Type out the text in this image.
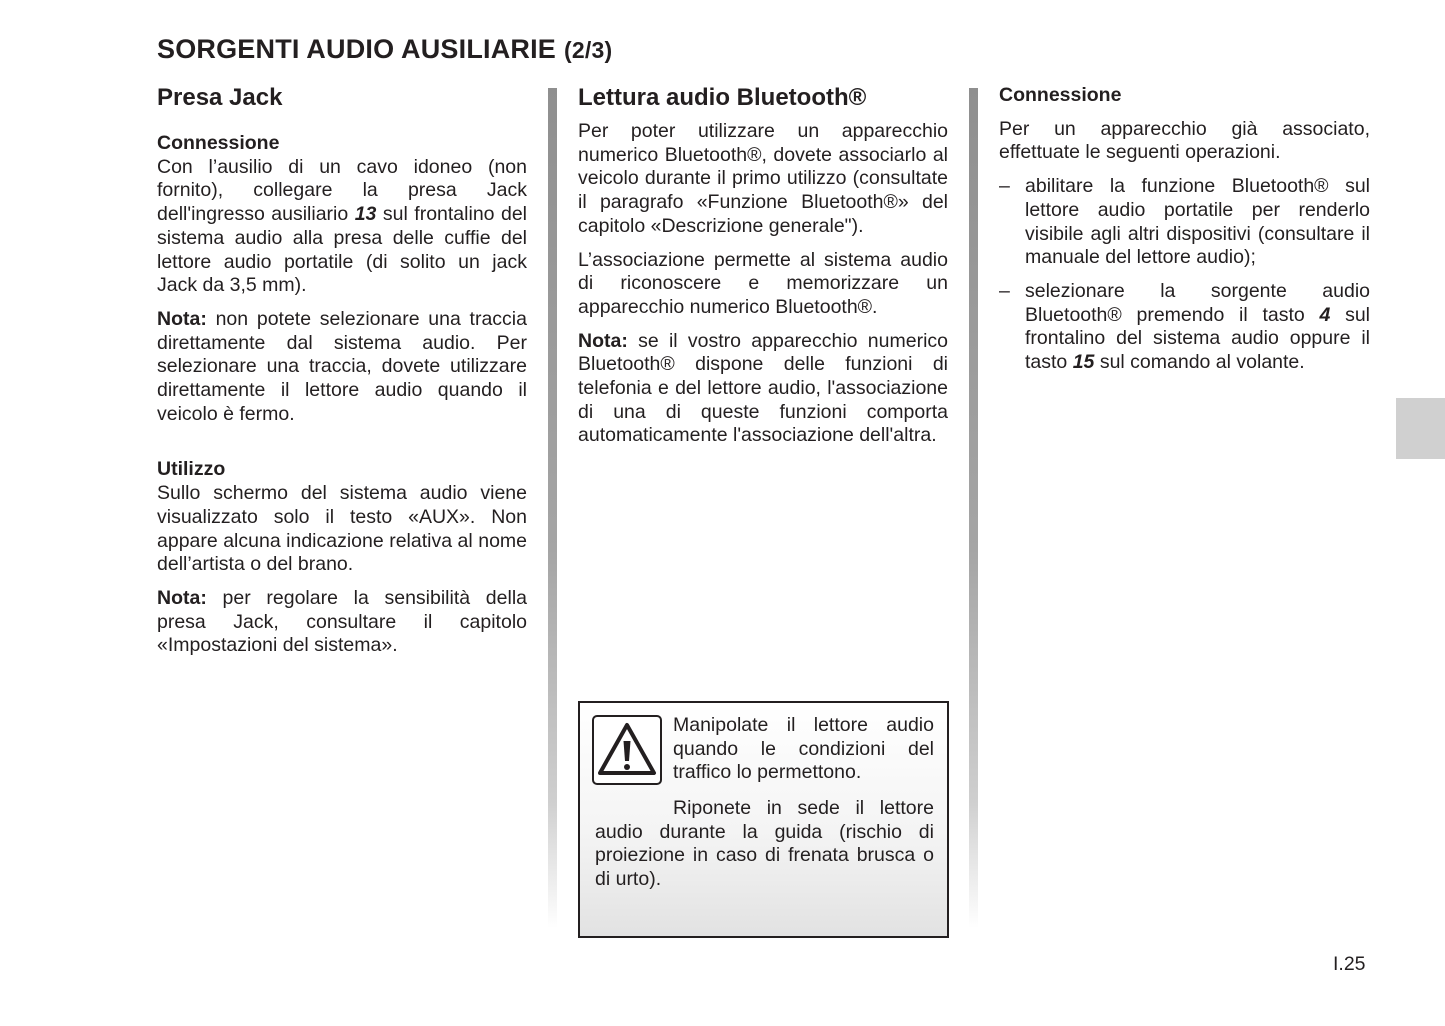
SORGENTI AUDIO AUSILIARIE (2/3)
Presa Jack
Connessione

Con l’ausilio di un cavo idoneo (non fornito), collegare la presa Jack dell'ingresso ausiliario 13 sul frontalino del sistema audio alla presa delle cuffie del lettore audio portatile (di solito un jack Jack da 3,5 mm).

Nota: non potete selezionare una traccia direttamente dal sistema audio. Per selezionare una traccia, dovete utilizzare direttamente il lettore audio quando il veicolo è fermo.

Utilizzo

Sullo schermo del sistema audio viene visualizzato solo il testo «AUX». Non appare alcuna indicazione relativa al nome dell’artista o del brano.

Nota: per regolare la sensibilità della presa Jack, consultare il capitolo «Impostazioni del sistema».

Lettura audio Bluetooth®

Per poter utilizzare un apparecchio numerico Bluetooth®, dovete associarlo al veicolo durante il primo utilizzo (consultate il paragrafo «Funzione Bluetooth®» del capitolo «Descrizione generale").

L’associazione permette al sistema audio di riconoscere e memorizzare un apparecchio numerico Bluetooth®.

Nota: se il vostro apparecchio numerico Bluetooth® dispone delle funzioni di telefonia e del lettore audio, l'associazione di una di queste funzioni comporta automaticamente l'associazione dell'altra.

Manipolate il lettore audio quando le condizioni del traffico lo permettono.
Riponete in sede il lettore audio durante la guida (rischio di proiezione in caso di frenata brusca o di urto).
Connessione

Per un apparecchio già associato, effettuate le seguenti operazioni.

– abilitare la funzione Bluetooth® sul lettore audio portatile per renderlo visibile agli altri dispositivi (consultare il manuale del lettore audio);
– selezionare la sorgente audio Bluetooth® premendo il tasto 4 sul frontalino del sistema audio oppure il tasto 15 sul comando al volante.
I.25
